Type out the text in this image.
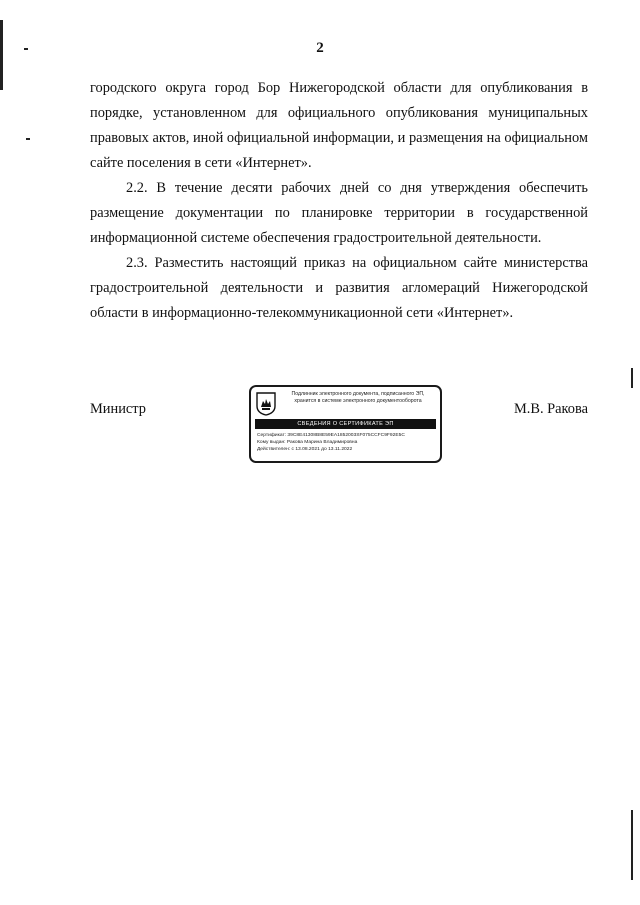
2
городского округа город Бор Нижегородской области для опубликования в порядке, установленном для официального опубликования муниципальных правовых актов, иной официальной информации, и размещения на официальном сайте поселения в сети «Интернет».
2.2. В течение десяти рабочих дней со дня утверждения обеспечить размещение документации по планировке территории в государственной информационной системе обеспечения градостроительной деятельности.
2.3. Разместить настоящий приказ на официальном сайте министерства градостроительной деятельности и развития агломераций Нижегородской области в информационно-телекоммуникационной сети «Интернет».
Министр	М.В. Ракова
Подлинник электронного документа, подписанного ЭП,
хранится в системе электронного документооборота
СВЕДЕНИЯ О СЕРТИФИКАТЕ ЭП
Сертификат: 39C8E41308B8E59EA1852003SF075CCFC9F92E5C
Кому выдан: Ракова Марина Владимировна
Действителен: с 13.08.2021 до 13.11.2022
